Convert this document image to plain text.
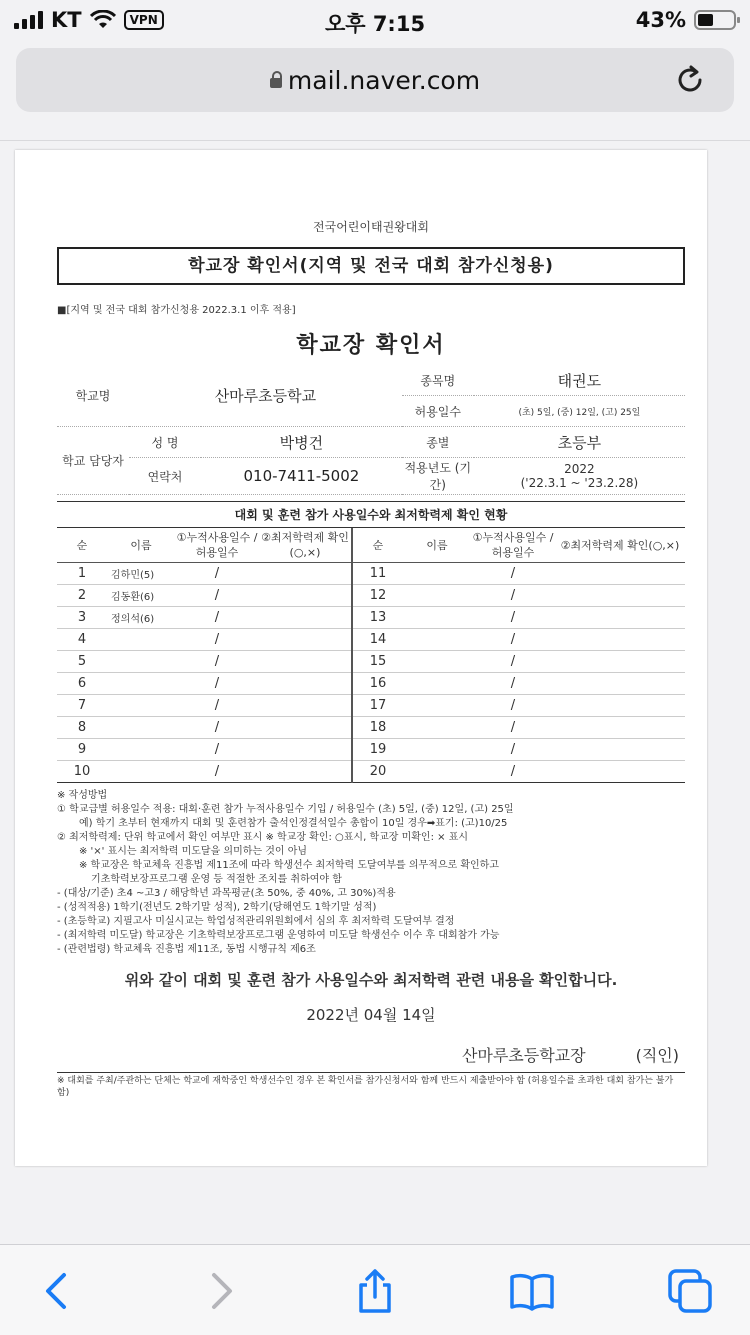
KT	VPN	오후 7:15	43%
mail.naver.com
전국어린이태권왕대회
학교장 확인서(지역 및 전국 대회 참가신청용)
■[지역 및 전국 대회 참가신청용 2022.3.1 이후 적용]
학교장 확인서
학교명	산마루초등학교		종목명	태권도
			허용일수	(초) 5일, (중) 12일, (고) 25일
학교 담당자	성 명	박병건	종별	초등부
	연락처	010-7411-5002	적용년도 (기간)	2022
('22.3.1 ~ '23.2.28)
대회 및 훈련 참가 사용일수와 최저학력제 확인 현황
순	이름	①누적사용일수 /허용일수	②최저학력제 확인(○,×)	순	이름	①누적사용일수 /허용일수	②최저학력제 확인(○,×)
1	김하민(5)	/		11		/	
2	김동환(6)	/		12		/	
3	정의석(6)	/		13		/	
4		/		14		/	
5		/		15		/	
6		/		16		/	
7		/		17		/	
8		/		18		/	
9		/		19		/	
10		/		20		/	

※ 작성방법

① 학교급별 허용일수 적용: 대회·훈련 참가 누적사용일수 기입 / 허용일수 (초) 5일, (중) 12일, (고) 25일

예) 학기 초부터 현재까지 대회 및 훈련참가 출석인정결석일수 총합이 10일 경우➡표기: (고)10/25

② 최저학력제: 단위 학교에서 확인 여부만 표시 ※ 학교장 확인: ○표시, 학교장 미확인: × 표시

※ '×' 표시는 최저학력 미도달을 의미하는 것이 아님

※ 학교장은 학교체육 진흥법 제11조에 따라 학생선수 최저학력 도달여부를 의무적으로 확인하고

기초학력보장프로그램 운영 등 적절한 조치를 취하여야 함

- (대상/기준) 초4 ~고3 / 해당학년 과목평균(초 50%, 중 40%, 고 30%)적용

- (성적적용) 1학기(전년도 2학기말 성적), 2학기(당해연도 1학기말 성적)

- (초등학교) 지필고사 미실시교는 학업성적관리위원회에서 심의 후 최저학력 도달여부 결정

- (최저학력 미도달) 학교장은 기초학력보장프로그램 운영하여 미도달 학생선수 이수 후 대회참가 가능

- (관련법령) 학교체육 진흥법 제11조, 동법 시행규칙 제6조

위와 같이 대회 및 훈련 참가 사용일수와 최저학력 관련 내용을 확인합니다.
2022년 04월 14일
산마루초등학교장	(직인)
※ 대회를 주최/주관하는 단체는 학교에 재학중인 학생선수인 경우 본 확인서를 참가신청서와 함께 반드시 제출받아야 함 (허용일수를 초과한 대회 참가는 불가함)
